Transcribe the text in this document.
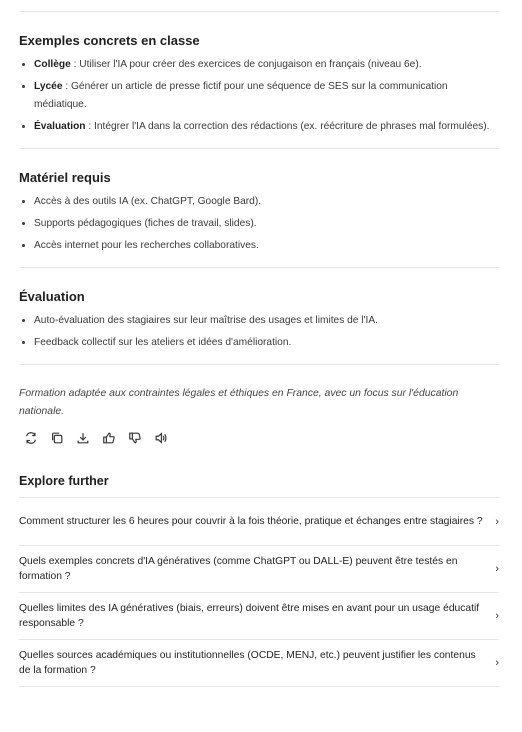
Exemples concrets en classe
• Collège : Utiliser l'IA pour créer des exercices de conjugaison en français (niveau 6e).
• Lycée : Générer un article de presse fictif pour une séquence de SES sur la communication médiatique.
• Évaluation : Intégrer l'IA dans la correction des rédactions (ex. réécriture de phrases mal formulées).
Matériel requis
• Accès à des outils IA (ex. ChatGPT, Google Bard).
• Supports pédagogiques (fiches de travail, slides).
• Accès internet pour les recherches collaboratives.
Évaluation
• Auto-évaluation des stagiaires sur leur maîtrise des usages et limites de l'IA.
• Feedback collectif sur les ateliers et idées d'amélioration.
Formation adaptée aux contraintes légales et éthiques en France, avec un focus sur l'éducation nationale.
Explore further
Comment structurer les 6 heures pour couvrir à la fois théorie, pratique et échanges entre stagiaires ?	›
Quels exemples concrets d'IA génératives (comme ChatGPT ou DALL-E) peuvent être testés en formation ?
›
Quelles limites des IA génératives (biais, erreurs) doivent être mises en avant pour un usage éducatif responsable ?
›
Quelles sources académiques ou institutionnelles (OCDE, MENJ, etc.) peuvent justifier les contenus de la formation ?
›
